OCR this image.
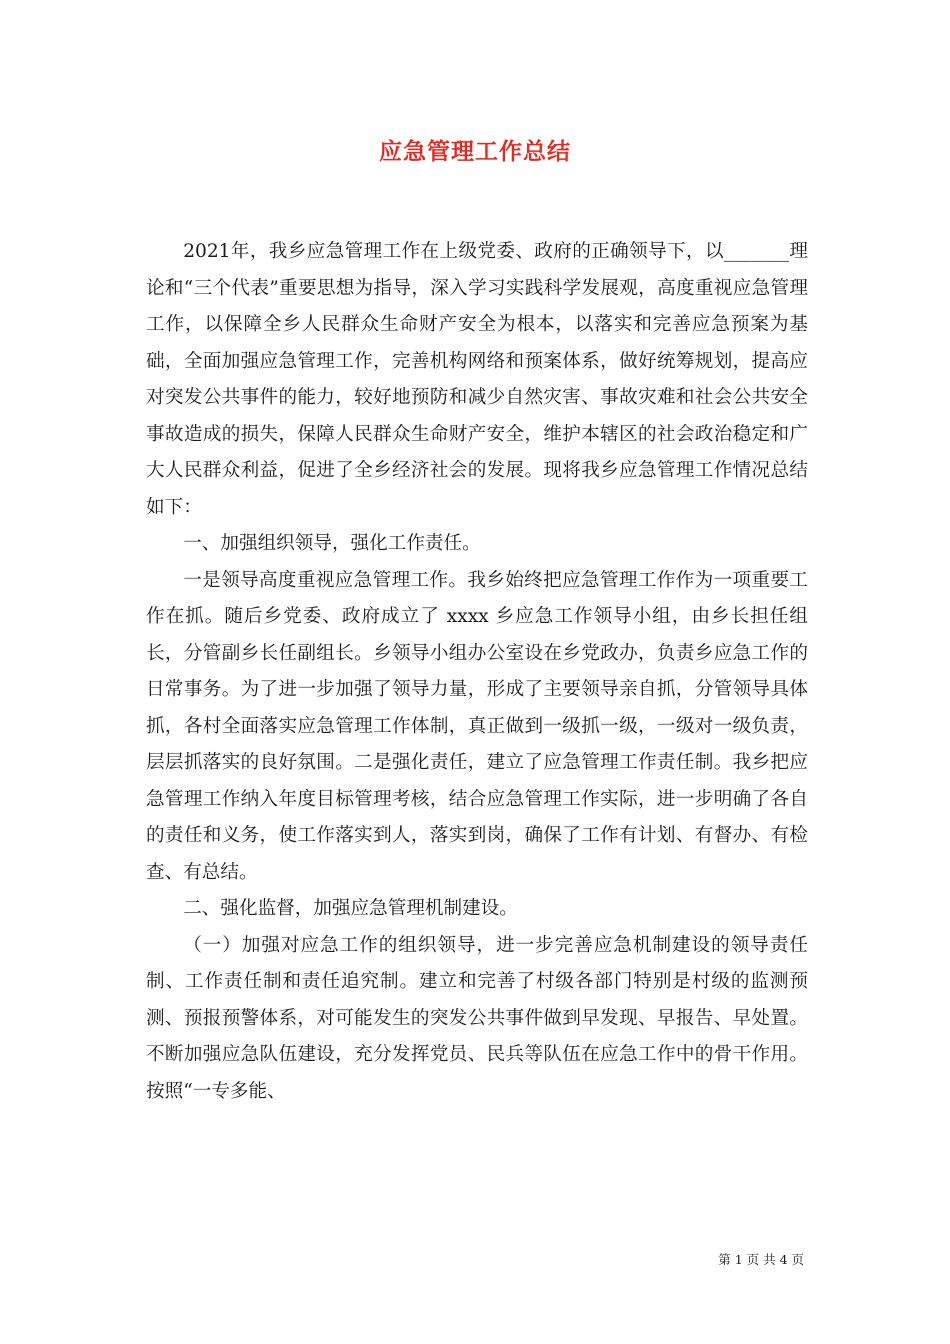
应急管理工作总结

2021年，我乡应急管理工作在上级党委、政府的正确领导下，以_______理论和“三个代表”重要思想为指导，深入学习实践科学发展观，高度重视应急管理工作，以保障全乡人民群众生命财产安全为根本，以落实和完善应急预案为基础，全面加强应急管理工作，完善机构网络和预案体系，做好统筹规划，提高应对突发公共事件的能力，较好地预防和减少自然灾害、事故灾难和社会公共安全事故造成的损失，保障人民群众生命财产安全，维护本辖区的社会政治稳定和广大人民群众利益，促进了全乡经济社会的发展。现将我乡应急管理工作情况总结如下：

一、加强组织领导，强化工作责任。

一是领导高度重视应急管理工作。我乡始终把应急管理工作作为一项重要工作在抓。随后乡党委、政府成立了 xxxx 乡应急工作领导小组，由乡长担任组长，分管副乡长任副组长。乡领导小组办公室设在乡党政办，负责乡应急工作的日常事务。为了进一步加强了领导力量，形成了主要领导亲自抓，分管领导具体抓，各村全面落实应急管理工作体制，真正做到一级抓一级，一级对一级负责，层层抓落实的良好氛围。二是强化责任，建立了应急管理工作责任制。我乡把应急管理工作纳入年度目标管理考核，结合应急管理工作实际，进一步明确了各自的责任和义务，使工作落实到人，落实到岗，确保了工作有计划、有督办、有检查、有总结。

二、强化监督，加强应急管理机制建设。

（一）加强对应急工作的组织领导，进一步完善应急机制建设的领导责任制、工作责任制和责任追究制。建立和完善了村级各部门特别是村级的监测预测、预报预警体系，对可能发生的突发公共事件做到早发现、早报告、早处置。不断加强应急队伍建设，充分发挥党员、民兵等队伍在应急工作中的骨干作用。按照“一专多能、

第 1 页 共 4 页
